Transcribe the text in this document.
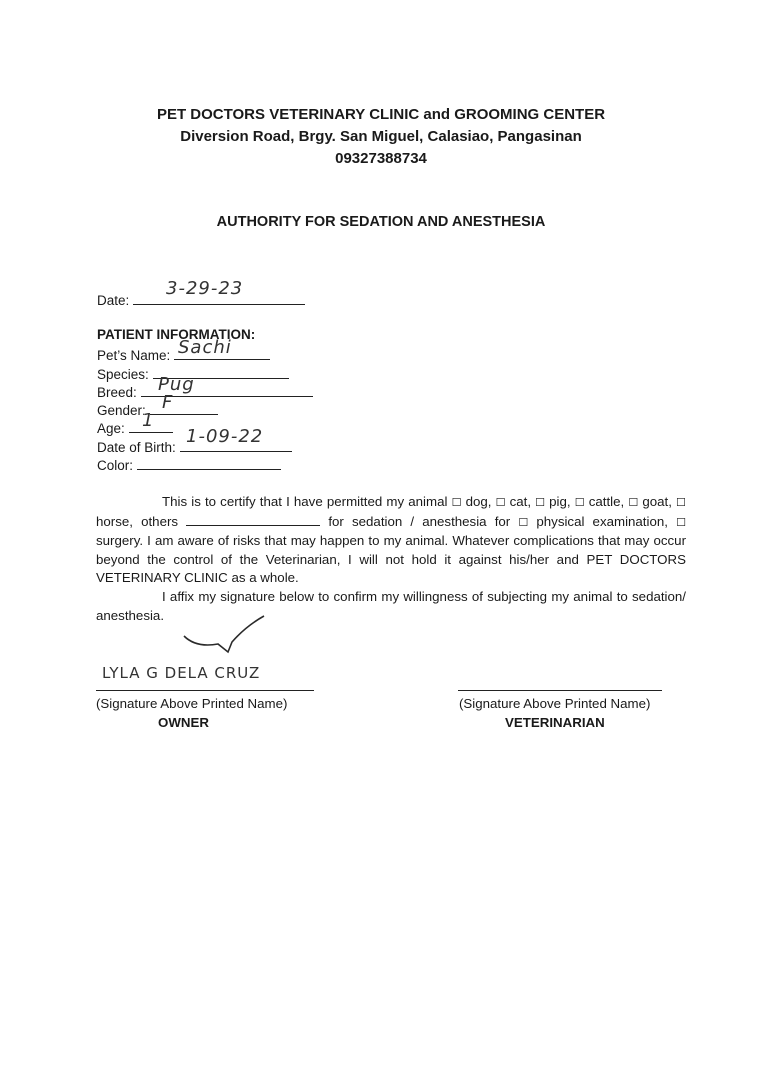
PET DOCTORS VETERINARY CLINIC and GROOMING CENTER
Diversion Road, Brgy. San Miguel, Calasiao, Pangasinan
09327388734
AUTHORITY FOR SEDATION AND ANESTHESIA
Date:
3-29-23
PATIENT INFORMATION:
Pet’s Name: Sachi
Species:
Breed:	Pug
Gender: F
Age: 1
Date of Birth:
1-09-22
Color:

This is to certify that I have permitted my animal ☐ dog, ☐ cat, ☐ pig, ☐ cattle, ☐ goat, ☐ horse, others	for sedation / anesthesia for ☐ physical examination, ☐ surgery. I am aware of risks that may happen to my animal. Whatever complications that may occur beyond the control of the Veterinarian, I will not hold it against his/her and PET DOCTORS VETERINARY CLINIC as a whole.

I affix my signature below to confirm my willingness of subjecting my animal to sedation/ anesthesia.

LYLA G DELA CRUZ
(Signature Above Printed Name)
OWNER
(Signature Above Printed Name)
VETERINARIAN
